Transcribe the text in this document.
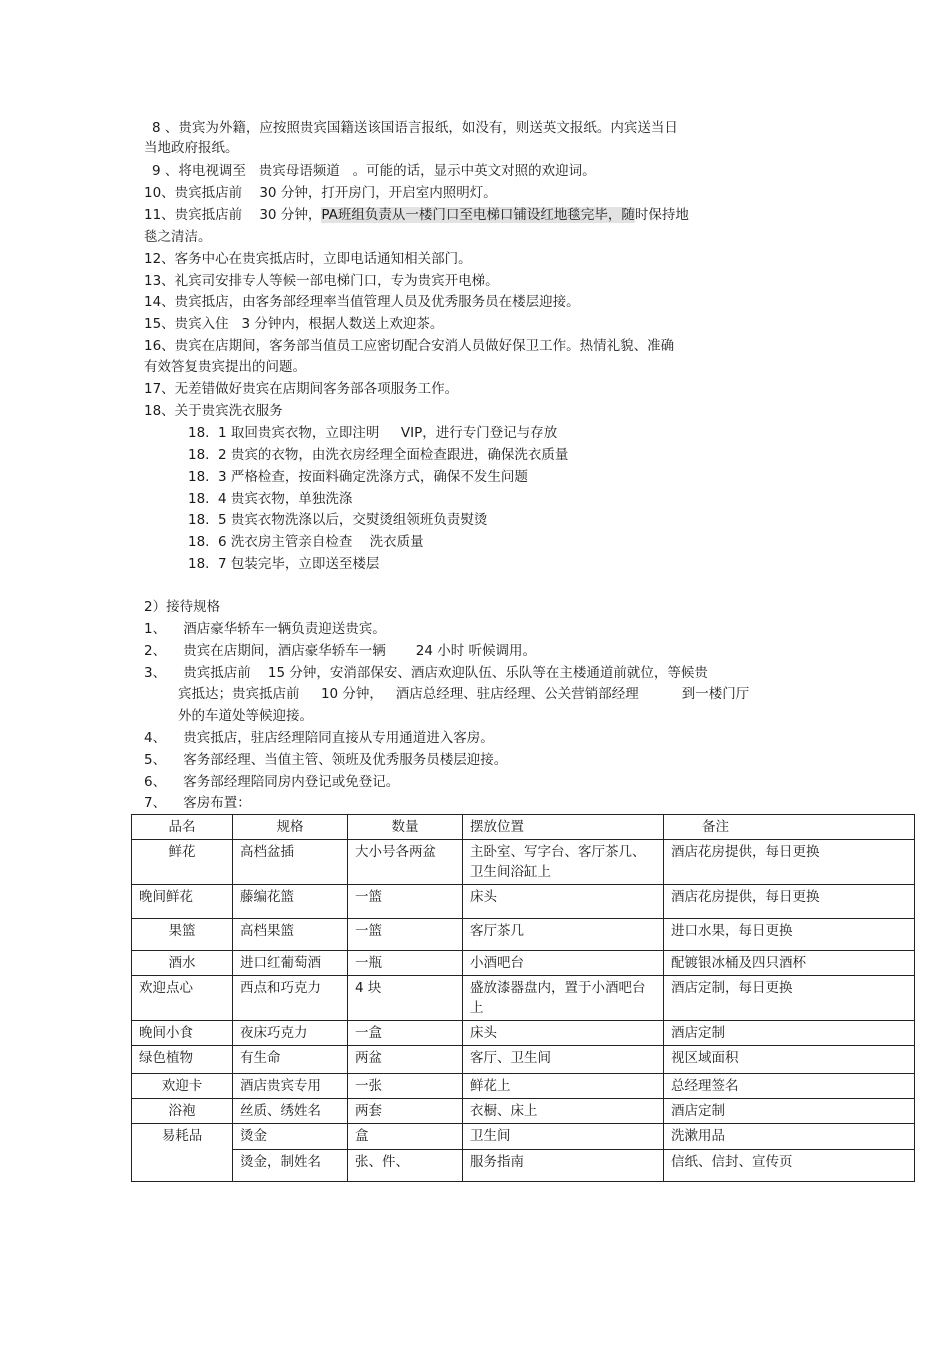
8 、贵宾为外籍，应按照贵宾国籍送该国语言报纸，如没有，则送英文报纸。内宾送当日
当地政府报纸。
9 、将电视调至   贵宾母语频道   。可能的话，显示中英文对照的欢迎词。
10、贵宾抵店前    30 分钟，打开房门，开启室内照明灯。
11、贵宾抵店前    30 分钟，PA班组负责从一楼门口至电梯口铺设红地毯完毕，随时保持地
毯之清洁。
12、客务中心在贵宾抵店时，立即电话通知相关部门。
13、礼宾司安排专人等候一部电梯门口，专为贵宾开电梯。
14、贵宾抵店，由客务部经理率当值管理人员及优秀服务员在楼层迎接。
15、贵宾入住   3 分钟内，根据人数送上欢迎茶。
16、贵宾在店期间，客务部当值员工应密切配合安消人员做好保卫工作。热情礼貌、准确
有效答复贵宾提出的问题。
17、无差错做好贵宾在店期间客务部各项服务工作。
18、关于贵宾洗衣服务
18.  1 取回贵宾衣物，立即注明     VIP，进行专门登记与存放
18.  2 贵宾的衣物，由洗衣房经理全面检查跟进，确保洗衣质量
18.  3 严格检查，按面料确定洗涤方式，确保不发生问题
18.  4 贵宾衣物，单独洗涤
18.  5 贵宾衣物洗涤以后，交熨烫组领班负责熨烫
18.  6 洗衣房主管亲自检查    洗衣质量
18.  7 包装完毕，立即送至楼层
2）接待规格
1、    酒店豪华轿车一辆负责迎送贵宾。
2、    贵宾在店期间，酒店豪华轿车一辆       24 小时 听候调用。
3、    贵宾抵店前    15 分钟，安消部保安、酒店欢迎队伍、乐队等在主楼通道前就位，等候贵
宾抵达；贵宾抵店前     10 分钟，   酒店总经理、驻店经理、公关营销部经理          到一楼门厅
外的车道处等候迎接。
4、    贵宾抵店，驻店经理陪同直接从专用通道进入客房。
5、    客务部经理、当值主管、领班及优秀服务员楼层迎接。
6、    客务部经理陪同房内登记或免登记。
7、    客房布置：
品名	规格	数量	摆放位置	备注
鲜花	高档盆插	大小号各两盆	主卧室、写字台、客厅茶几、卫生间浴缸上	酒店花房提供，每日更换
晚间鲜花	藤编花篮	一篮	床头	酒店花房提供，每日更换
果篮	高档果篮	一篮	客厅茶几	进口水果，每日更换
酒水	进口红葡萄酒	一瓶	小酒吧台	配镀银冰桶及四只酒杯
欢迎点心	西点和巧克力	4 块	盛放漆器盘内，置于小酒吧台上	酒店定制，每日更换
晚间小食	夜床巧克力	一盒	床头	酒店定制
绿色植物	有生命	两盆	客厅、卫生间	视区域面积
欢迎卡	酒店贵宾专用	一张	鲜花上	总经理签名
浴袍	丝质、绣姓名	两套	衣橱、床上	酒店定制
易耗品	烫金	盒	卫生间	洗漱用品
	烫金，制姓名	张、件、	服务指南	信纸、信封、宣传页
